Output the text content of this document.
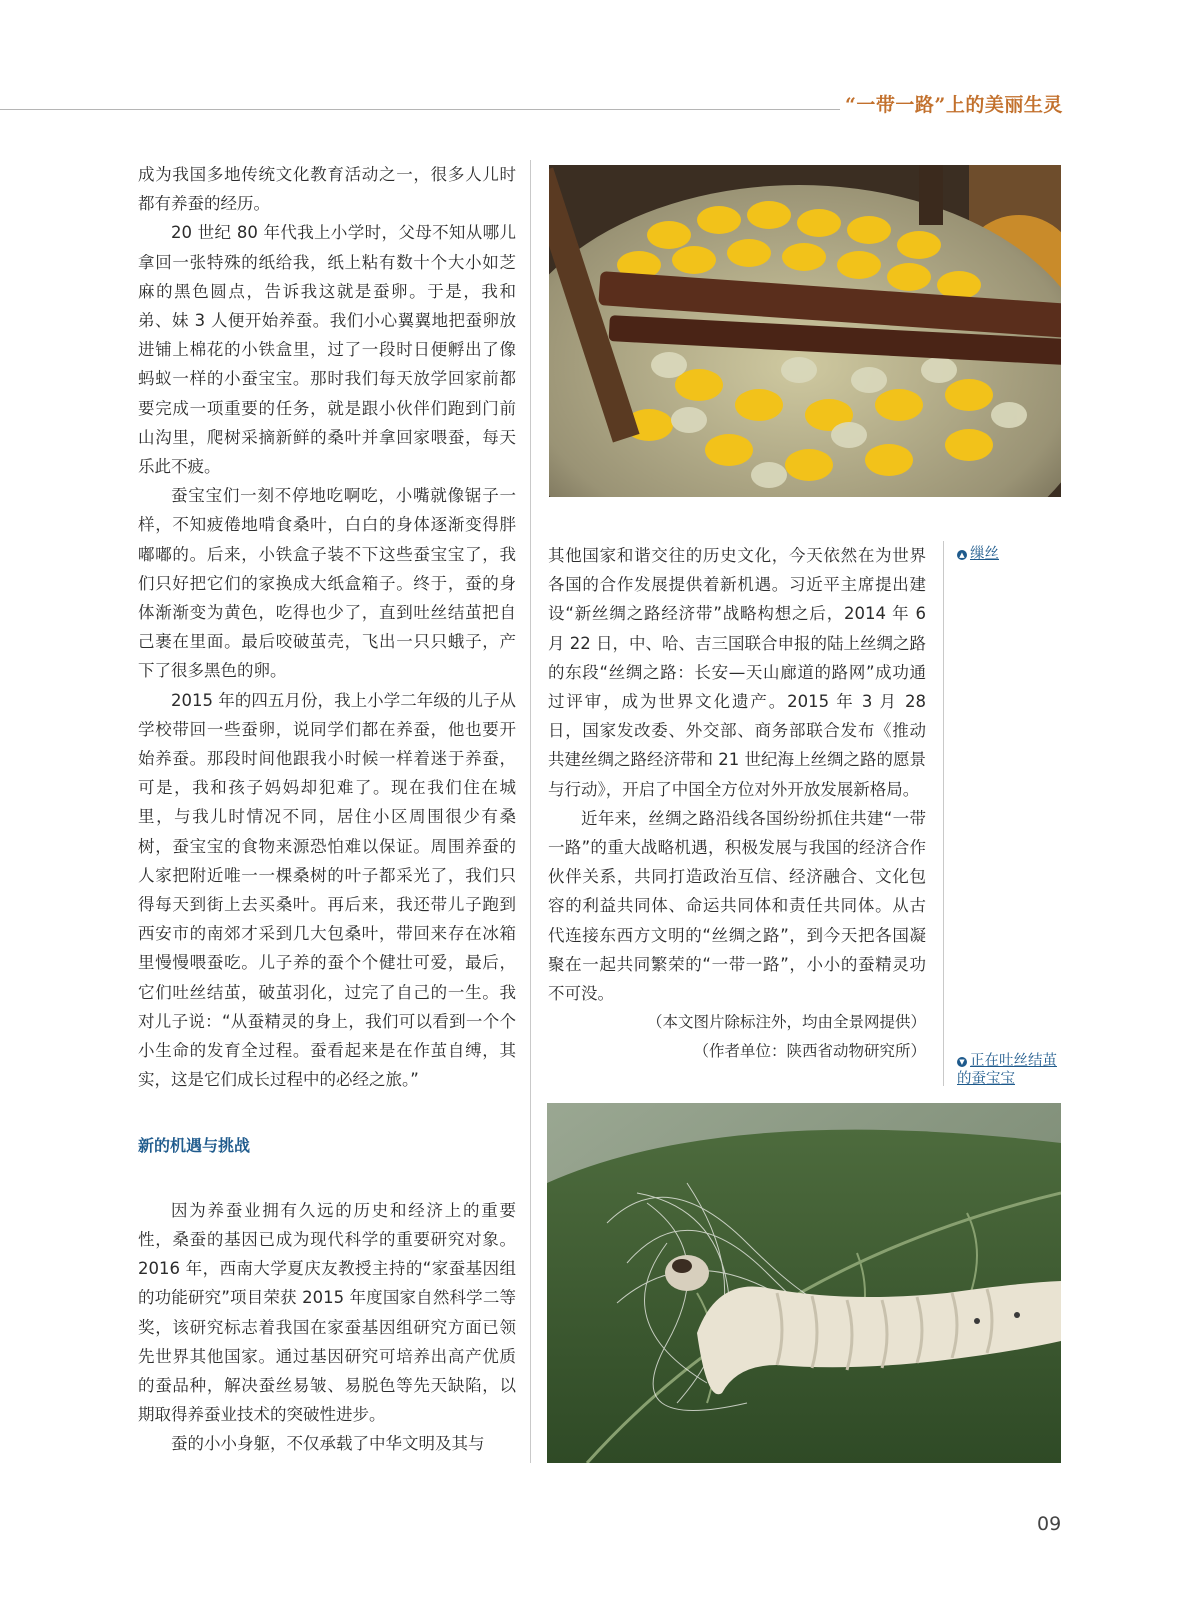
“一带一路”上的美丽生灵

成为我国多地传统文化教育活动之一，很多人儿时都有养蚕的经历。

20 世纪 80 年代我上小学时，父母不知从哪儿拿回一张特殊的纸给我，纸上粘有数十个大小如芝麻的黑色圆点，告诉我这就是蚕卵。于是，我和弟、妹 3 人便开始养蚕。我们小心翼翼地把蚕卵放进铺上棉花的小铁盒里，过了一段时日便孵出了像蚂蚁一样的小蚕宝宝。那时我们每天放学回家前都要完成一项重要的任务，就是跟小伙伴们跑到门前山沟里，爬树采摘新鲜的桑叶并拿回家喂蚕，每天乐此不疲。

蚕宝宝们一刻不停地吃啊吃，小嘴就像锯子一样，不知疲倦地啃食桑叶，白白的身体逐渐变得胖嘟嘟的。后来，小铁盒子装不下这些蚕宝宝了，我们只好把它们的家换成大纸盒箱子。终于，蚕的身体渐渐变为黄色，吃得也少了，直到吐丝结茧把自己裹在里面。最后咬破茧壳，飞出一只只蛾子，产下了很多黑色的卵。

2015 年的四五月份，我上小学二年级的儿子从学校带回一些蚕卵，说同学们都在养蚕，他也要开始养蚕。那段时间他跟我小时候一样着迷于养蚕，可是，我和孩子妈妈却犯难了。现在我们住在城里，与我儿时情况不同，居住小区周围很少有桑树，蚕宝宝的食物来源恐怕难以保证。周围养蚕的人家把附近唯一一棵桑树的叶子都采光了，我们只得每天到街上去买桑叶。再后来，我还带儿子跑到西安市的南郊才采到几大包桑叶，带回来存在冰箱里慢慢喂蚕吃。儿子养的蚕个个健壮可爱，最后，它们吐丝结茧，破茧羽化，过完了自己的一生。我对儿子说：“从蚕精灵的身上，我们可以看到一个个小生命的发育全过程。蚕看起来是在作茧自缚，其实，这是它们成长过程中的必经之旅。”

新的机遇与挑战

因为养蚕业拥有久远的历史和经济上的重要性，桑蚕的基因已成为现代科学的重要研究对象。2016 年，西南大学夏庆友教授主持的“家蚕基因组的功能研究”项目荣获 2015 年度国家自然科学二等奖，该研究标志着我国在家蚕基因组研究方面已领先世界其他国家。通过基因研究可培养出高产优质的蚕品种，解决蚕丝易皱、易脱色等先天缺陷，以期取得养蚕业技术的突破性进步。

蚕的小小身躯，不仅承载了中华文明及其与

▲ 缫丝

其他国家和谐交往的历史文化，今天依然在为世界各国的合作发展提供着新机遇。习近平主席提出建设“新丝绸之路经济带”战略构想之后，2014 年 6 月 22 日，中、哈、吉三国联合申报的陆上丝绸之路的东段“丝绸之路：长安—天山廊道的路网”成功通过评审，成为世界文化遗产。2015 年 3 月 28 日，国家发改委、外交部、商务部联合发布《推动共建丝绸之路经济带和 21 世纪海上丝绸之路的愿景与行动》，开启了中国全方位对外开放发展新格局。

近年来，丝绸之路沿线各国纷纷抓住共建“一带一路”的重大战略机遇，积极发展与我国的经济合作伙伴关系，共同打造政治互信、经济融合、文化包容的利益共同体、命运共同体和责任共同体。从古代连接东西方文明的“丝绸之路”，到今天把各国凝聚在一起共同繁荣的“一带一路”，小小的蚕精灵功不可没。

（本文图片除标注外，均由全景网提供）

（作者单位：陕西省动物研究所）

▼ 正在吐丝结茧的蚕宝宝
09
